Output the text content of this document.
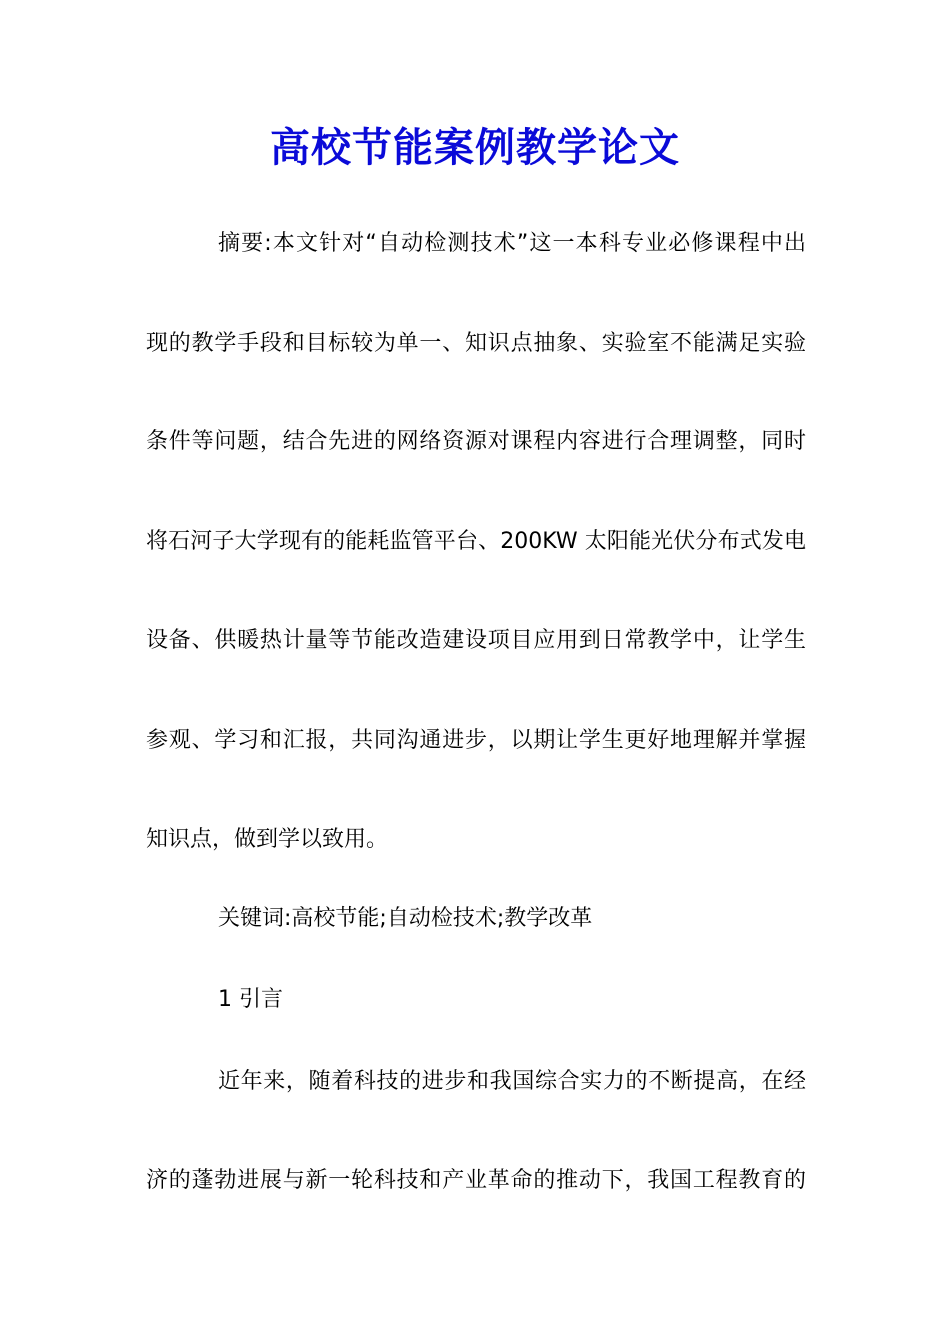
高校节能案例教学论文
摘要:本文针对“自动检测技术”这一本科专业必修课程中出
现的教学手段和目标较为单一、知识点抽象、实验室不能满足实验
条件等问题，结合先进的网络资源对课程内容进行合理调整，同时
将石河子大学现有的能耗监管平台、200KW 太阳能光伏分布式发电
设备、供暖热计量等节能改造建设项目应用到日常教学中，让学生
参观、学习和汇报，共同沟通进步，以期让学生更好地理解并掌握
知识点，做到学以致用。
关键词:高校节能;自动检技术;教学改革
1 引言
近年来，随着科技的进步和我国综合实力的不断提高，在经
济的蓬勃进展与新一轮科技和产业革命的推动下，我国工程教育的
